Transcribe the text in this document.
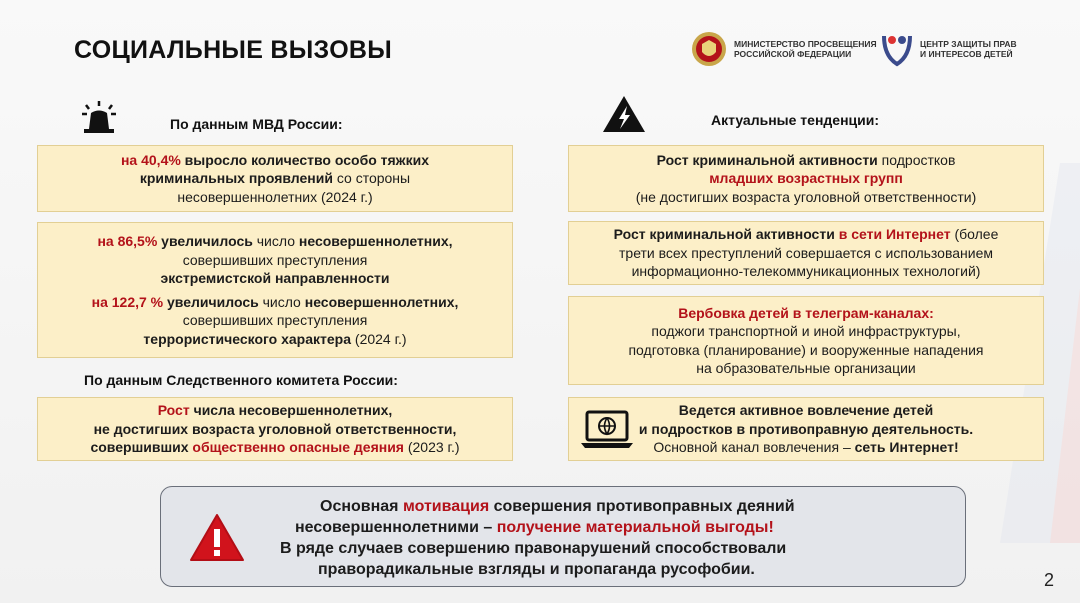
СОЦИАЛЬНЫЕ ВЫЗОВЫ	МИНИСТЕРСТВО ПРОСВЕЩЕНИЯ
РОССИЙСКОЙ ФЕДЕРАЦИИ
ЦЕНТР ЗАЩИТЫ ПРАВ
И ИНТЕРЕСОВ ДЕТЕЙ
По данным МВД России:
на 40,4% выросло количество особо тяжких
криминальных проявлений со стороны
несовершеннолетних (2024 г.)
на 86,5% увеличилось число несовершеннолетних,
совершивших преступления
экстремистской направленности
на 122,7 % увеличилось число несовершеннолетних,
совершивших преступления
террористического характера (2024 г.)
По данным Следственного комитета России:
Рост числа несовершеннолетних,
не достигших возраста уголовной ответственности,
совершивших общественно опасные деяния (2023 г.)
Актуальные тенденции:
Рост криминальной активности подростков
младших возрастных групп
(не достигших возраста уголовной ответственности)
Рост криминальной активности в сети Интернет (более
трети всех преступлений совершается с использованием
информационно-телекоммуникационных технологий)
Вербовка детей в телеграм-каналах:
поджоги транспортной и иной инфраструктуры,
подготовка (планирование) и вооруженные нападения
на образовательные организации
Ведется активное вовлечение детей
и подростков в противоправную деятельность.
Основной канал вовлечения – сеть Интернет!
Основная мотивация совершения противоправных деяний
несовершеннолетними – получение материальной выгоды!
В ряде случаев совершению правонарушений способствовали
праворадикальные взгляды и пропаганда русофобии.
2
